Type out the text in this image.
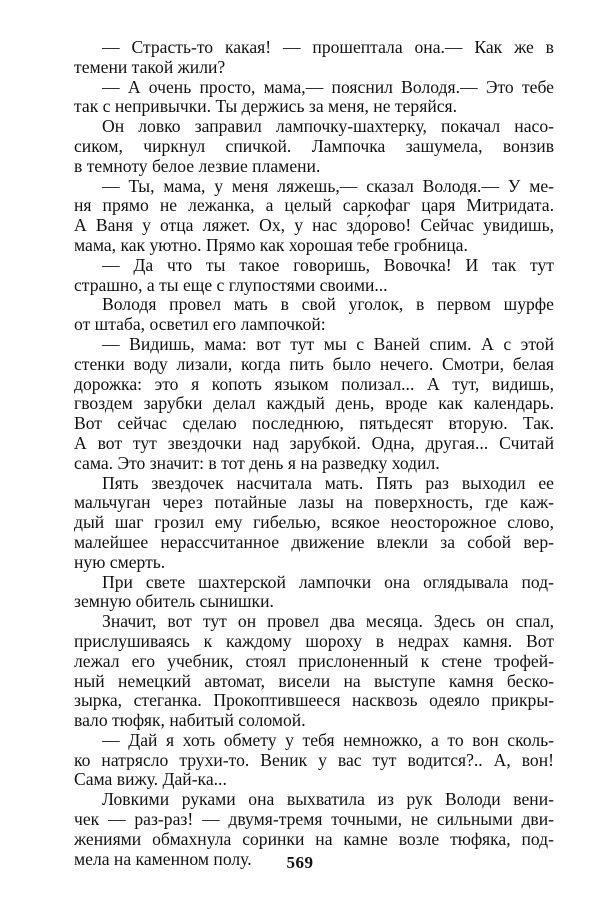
— Страсть-то какая! — прошептала она.— Как же в
темени такой жили?
— А очень просто, мама,— пояснил Володя.— Это тебе
так с непривычки. Ты держись за меня, не теряйся.
Он ловко заправил лампочку-шахтерку, покачал насо-
сиком, чиркнул спичкой. Лампочка зашумела, вонзив
в темноту белое лезвие пламени.
— Ты, мама, у меня ляжешь,— сказал Володя.— У ме-
ня прямо не лежанка, а целый саркофаг царя Митридата.
А Ваня у отца ляжет. Ох, у нас здо́рово! Сейчас увидишь,
мама, как уютно. Прямо как хорошая тебе гробница.
— Да что ты такое говоришь, Вовочка! И так тут
страшно, а ты еще с глупостями своими...
Володя провел мать в свой уголок, в первом шурфе
от штаба, осветил его лампочкой:
— Видишь, мама: вот тут мы с Ваней спим. А с этой
стенки воду лизали, когда пить было нечего. Смотри, белая
дорожка: это я копоть языком полизал... А тут, видишь,
гвоздем зарубки делал каждый день, вроде как календарь.
Вот сейчас сделаю последнюю, пятьдесят вторую. Так.
А вот тут звездочки над зарубкой. Одна, другая... Считай
сама. Это значит: в тот день я на разведку ходил.
Пять звездочек насчитала мать. Пять раз выходил ее
мальчуган через потайные лазы на поверхность, где каж-
дый шаг грозил ему гибелью, всякое неосторожное слово,
малейшее нерассчитанное движение влекли за собой вер-
ную смерть.
При свете шахтерской лампочки она оглядывала под-
земную обитель сынишки.
Значит, вот тут он провел два месяца. Здесь он спал,
прислушиваясь к каждому шороху в недрах камня. Вот
лежал его учебник, стоял прислоненный к стене трофей-
ный немецкий автомат, висели на выступе камня беско-
зырка, стеганка. Прокоптившееся насквозь одеяло прикры-
вало тюфяк, набитый соломой.
— Дай я хоть обмету у тебя немножко, а то вон сколь-
ко натрясло трухи-то. Веник у вас тут водится?.. А, вон!
Сама вижу. Дай-ка...
Ловкими руками она выхватила из рук Володи вени-
чек — раз-раз! — двумя-тремя точными, не сильными дви-
жениями обмахнула соринки на камне возле тюфяка, под-
мела на каменном полу.	569
